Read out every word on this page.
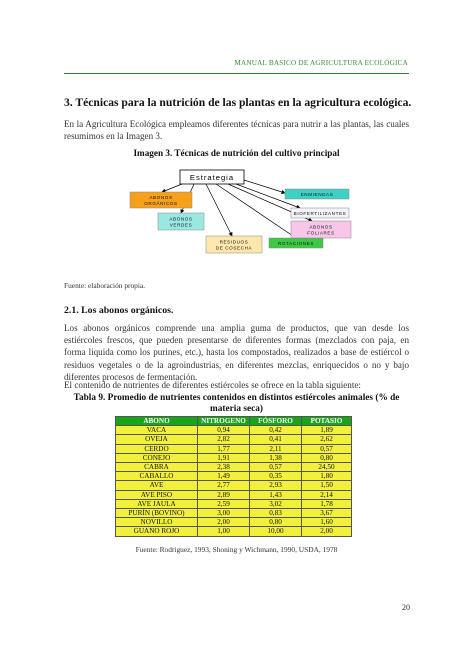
MANUAL BASICO DE AGRICULTURA ECOLÓGICA
3. Técnicas para la nutrición de las plantas en la agricultura ecológica.
En la Agricultura Ecológica empleamos diferentes técnicas para nutrir a las plantas, las cuales resumimos en la Imagen 3.
Imagen 3. Técnicas de nutrición del cultivo principal
Estrategia
ABONOS
ORGÁNICOS
ABONOS
VERDES
RESIDUOS
DE COSECHA
ROTACIONES
ABONOS
FOLIARES
BIOFERTILIZANTES
ENMIENDAS
Fuente: elaboración propia.
2.1. Los abonos orgánicos.
Los abonos orgánicos comprende una amplia guma de productos, que van desde los estiércoles frescos, que pueden presentarse de diferentes formas (mezclados con paja, en forma liquida como los purines, etc.), hasta los compostados, realizados a base de estiércol o residuos vegetales o de la agroindustrias, en diferentes mezclas, enriquecidos o no y bajo diferentes procesos de fermentación.
El contenido de nutrientes de diferentes estiércoles se ofrece en la tabla siguiente:
Tabla 9. Promedio de nutrientes contenidos en distintos estiércoles animales (% de materia seca)
ABONO	NITROGENO	FÓSFORO	POTASIO
VACA	0,94	0,42	1,89
OVEJA	2,82	0,41	2,62
CERDO	1,77	2,11	0,57
CONEJO	1,91	1,38	0,80
CABRA	2,38	0,57	24,50
CABALLO	1,49	0,35	1,80
AVE	2,77	2,93	1,50
AVE PISO	2,89	1,43	2,14
AVE JAULA	2,59	3,02	1,78
PURÍN (BOVINO)	3,00	0,83	3,67
NOVILLO	2,00	0,80	1,60
GUANO ROJO	1,00	10,00	2,00
Fuente: Rodriguez, 1993, Shoning y Wichmann, 1990, USDA, 1978
20
